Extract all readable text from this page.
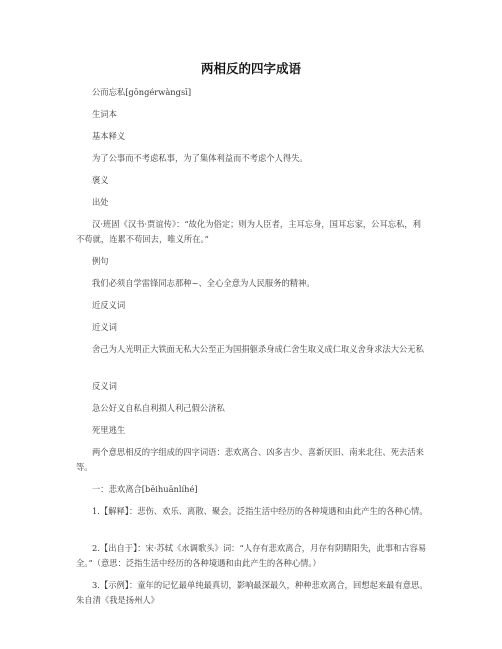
两相反的四字成语

公而忘私[gōngérwàngsī]

生词本

基本释义

为了公事而不考虑私事，为了集体利益而不考虑个人得失。

褒义

出处

汉·班固《汉书·贾谊传》：“故化为俗定；则为人臣者，主耳忘身，国耳忘家，公耳忘私，利不苟就，连累不苟回去，唯义所在。”

例句

我们必须自学雷锋同志那种~、全心全意为人民服务的精神。

近反义词

近义词

舍己为人光明正大铁面无私大公至正为国捐躯杀身成仁舍生取义成仁取义舍身求法大公无私

反义词

急公好义自私自利损人利己假公济私

死里逃生

两个意思相反的字组成的四字词语：悲欢离合、凶多吉少、喜新厌旧、南来北往、死去活来等。

一：悲欢离合[bēihuānlíhé]

1.【解释】：悲伤、欢乐、离散、聚会。泛指生活中经历的各种境遇和由此产生的各种心情。

2.【出自于】：宋·苏轼《水调歌头》词：“人存有悲欢离合，月存有阴睛阳失，此事和古容易全。”（意思：泛指生活中经历的各种境遇和由此产生的各种心情。）

3.【示例】：童年的记忆最单纯最真切，影响最深最久，种种悲欢离合，回想起来最有意思。朱自清《我是扬州人》
